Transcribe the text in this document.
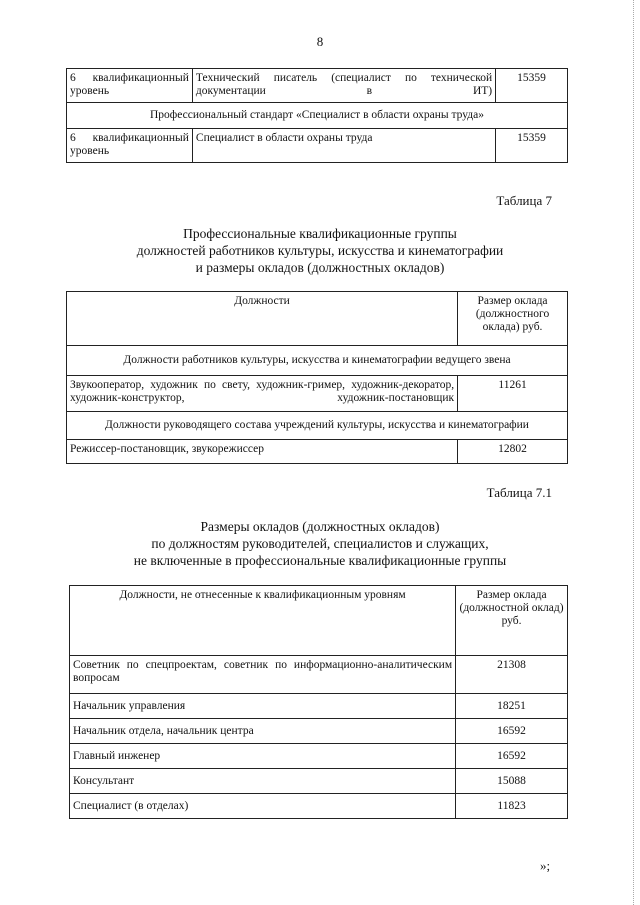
8
6 квалификационный уровень	Технический писатель (специалист по технической документации в ИТ)	15359
Профессиональный стандарт «Специалист в области охраны труда»		
6 квалификационный уровень	Специалист в области охраны труда	15359
Таблица 7
Профессиональные квалификационные группы
должностей работников культуры, искусства и кинематографии
и размеры окладов (должностных окладов)
Должности	Размер оклада (должностного оклада) руб.
Должности работников культуры, искусства и кинематографии ведущего звена	
Звукооператор, художник по свету, художник-гример, художник-декоратор, художник-конструктор, художник-постановщик	11261
Должности руководящего состава учреждений культуры, искусства и кинематографии	
Режиссер-постановщик, звукорежиссер	12802
Таблица 7.1
Размеры окладов (должностных окладов)
по должностям руководителей, специалистов и служащих,
не включенные в профессиональные квалификационные группы
Должности, не отнесенные к квалификационным уровням	Размер оклада (должностной оклад) руб.
Советник по спецпроектам, советник по информационно-аналитическим вопросам	21308
Начальник управления	18251
Начальник отдела, начальник центра	16592
Главный инженер	16592
Консультант	15088
Специалист (в отделах)	11823
»;
